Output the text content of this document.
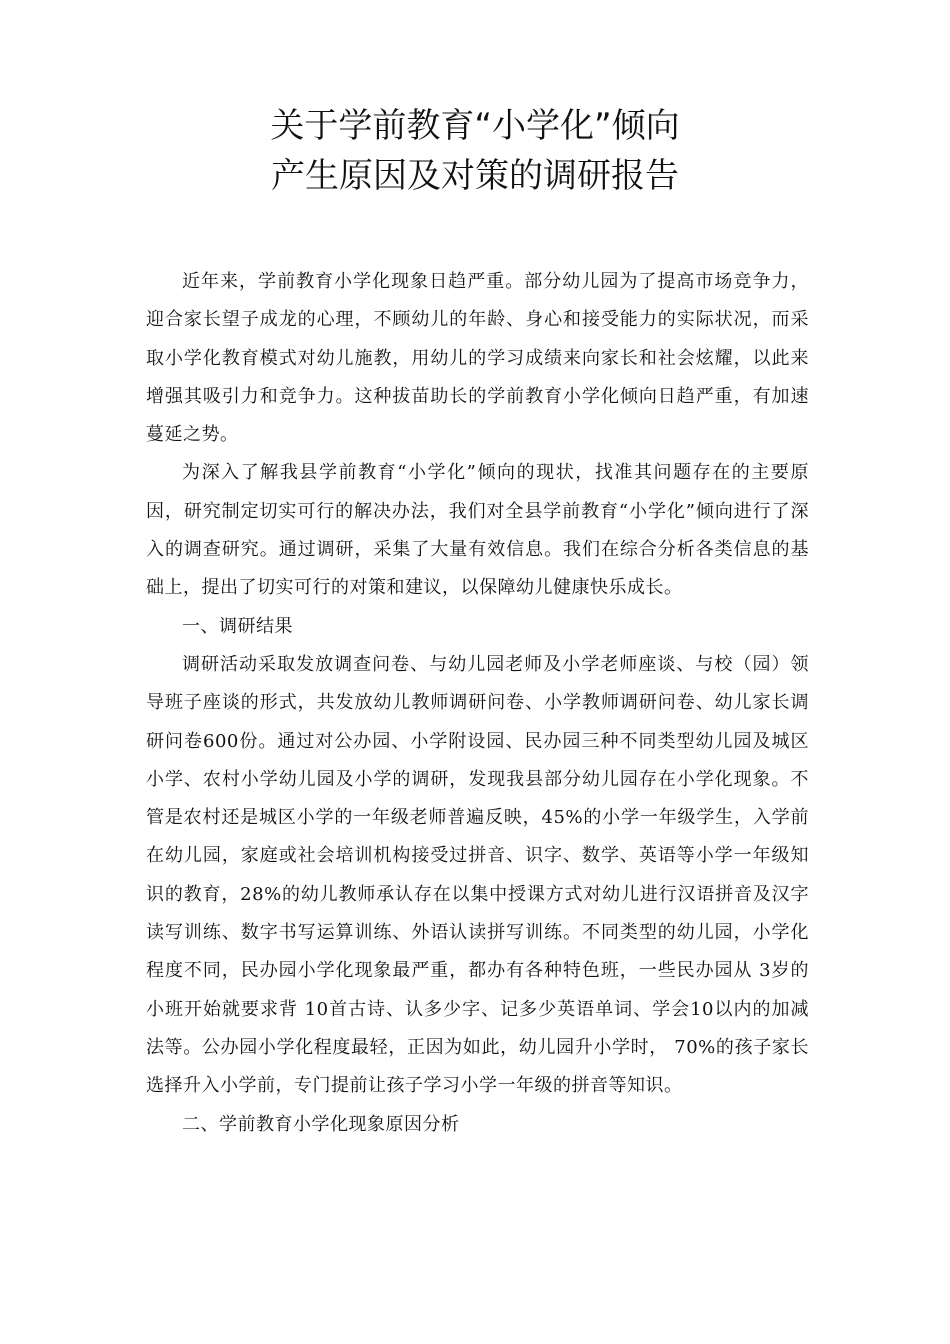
关于学前教育“小学化”倾向
产生原因及对策的调研报告

近年来，学前教育小学化现象日趋严重。部分幼儿园为了提高市场竞争力，迎合家长望子成龙的心理，不顾幼儿的年龄、身心和接受能力的实际状况，而采取小学化教育模式对幼儿施教，用幼儿的学习成绩来向家长和社会炫耀，以此来增强其吸引力和竞争力。这种拔苗助长的学前教育小学化倾向日趋严重，有加速蔓延之势。

为深入了解我县学前教育“小学化”倾向的现状，找准其问题存在的主要原因，研究制定切实可行的解决办法，我们对全县学前教育“小学化”倾向进行了深入的调查研究。通过调研，采集了大量有效信息。我们在综合分析各类信息的基础上，提出了切实可行的对策和建议，以保障幼儿健康快乐成长。

一、调研结果

调研活动采取发放调查问卷、与幼儿园老师及小学老师座谈、与校（园）领导班子座谈的形式，共发放幼儿教师调研问卷、小学教师调研问卷、幼儿家长调研问卷600份。通过对公办园、小学附设园、民办园三种不同类型幼儿园及城区小学、农村小学幼儿园及小学的调研，发现我县部分幼儿园存在小学化现象。不管是农村还是城区小学的一年级老师普遍反映，45%的小学一年级学生，入学前在幼儿园，家庭或社会培训机构接受过拼音、识字、数学、英语等小学一年级知识的教育，28%的幼儿教师承认存在以集中授课方式对幼儿进行汉语拼音及汉字读写训练、数字书写运算训练、外语认读拼写训练。不同类型的幼儿园，小学化程度不同，民办园小学化现象最严重，都办有各种特色班，一些民办园从 3岁的小班开始就要求背 10首古诗、认多少字、记多少英语单词、学会10以内的加减法等。公办园小学化程度最轻，正因为如此，幼儿园升小学时， 70%的孩子家长选择升入小学前，专门提前让孩子学习小学一年级的拼音等知识。

二、学前教育小学化现象原因分析
